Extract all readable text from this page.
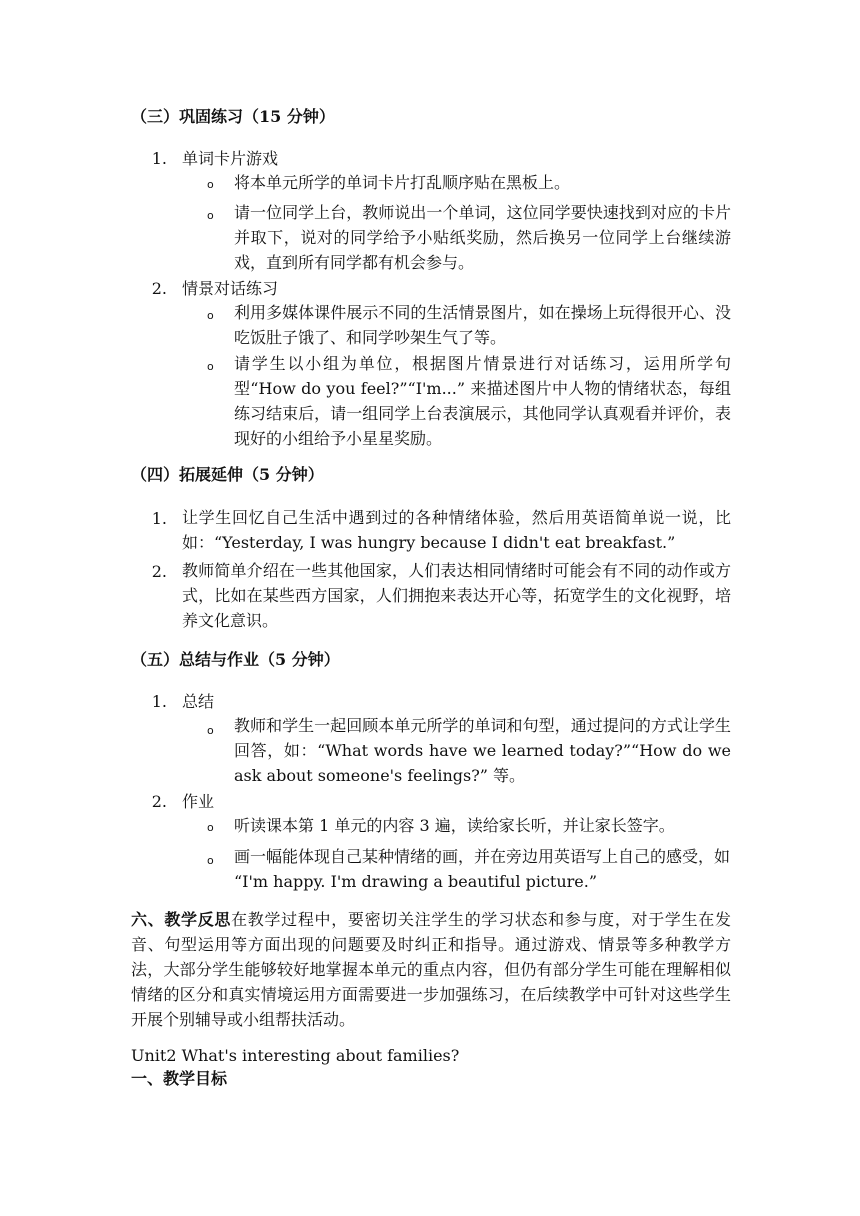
（三）巩固练习（15 分钟）
1. 单词卡片游戏
o 将本单元所学的单词卡片打乱顺序贴在黑板上。
o 请一位同学上台，教师说出一个单词，这位同学要快速找到对应的卡片并取下，说对的同学给予小贴纸奖励，然后换另一位同学上台继续游戏，直到所有同学都有机会参与。
2. 情景对话练习
o 利用多媒体课件展示不同的生活情景图片，如在操场上玩得很开心、没吃饭肚子饿了、和同学吵架生气了等。
o 请学生以小组为单位，根据图片情景进行对话练习，运用所学句型“How do you feel?”“I'm...” 来描述图片中人物的情绪状态，每组练习结束后，请一组同学上台表演展示，其他同学认真观看并评价，表现好的小组给予小星星奖励。
（四）拓展延伸（5 分钟）
1. 让学生回忆自己生活中遇到过的各种情绪体验，然后用英语简单说一说，比如：“Yesterday, I was hungry because I didn't eat breakfast.”
2. 教师简单介绍在一些其他国家，人们表达相同情绪时可能会有不同的动作或方式，比如在某些西方国家，人们拥抱来表达开心等，拓宽学生的文化视野，培养文化意识。
（五）总结与作业（5 分钟）
1. 总结
o 教师和学生一起回顾本单元所学的单词和句型，通过提问的方式让学生回答，如：“What words have we learned today?”“How do we ask about someone's feelings?” 等。
2. 作业
o 听读课本第 1 单元的内容 3 遍，读给家长听，并让家长签字。
o 画一幅能体现自己某种情绪的画，并在旁边用英语写上自己的感受，如 “I'm happy. I'm drawing a beautiful picture.”
六、教学反思在教学过程中，要密切关注学生的学习状态和参与度，对于学生在发音、句型运用等方面出现的问题要及时纠正和指导。通过游戏、情景等多种教学方法，大部分学生能够较好地掌握本单元的重点内容，但仍有部分学生可能在理解相似情绪的区分和真实情境运用方面需要进一步加强练习，在后续教学中可针对这些学生开展个别辅导或小组帮扶活动。
Unit2 What's interesting about families?
一、教学目标
